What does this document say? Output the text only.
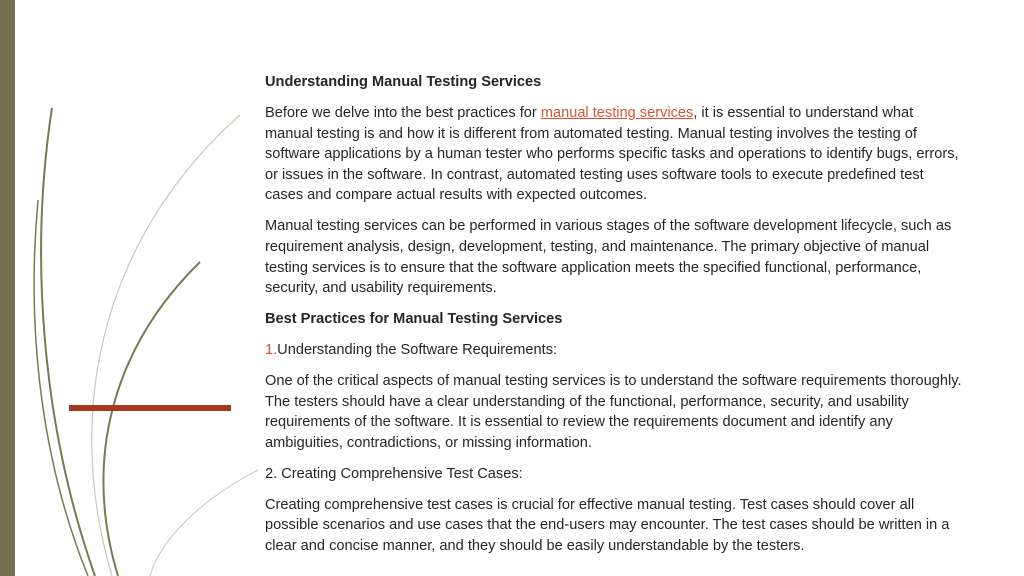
Understanding Manual Testing Services

Before we delve into the best practices for manual testing services, it is essential to understand what manual testing is and how it is different from automated testing. Manual testing involves the testing of software applications by a human tester who performs specific tasks and operations to identify bugs, errors, or issues in the software. In contrast, automated testing uses software tools to execute predefined test cases and compare actual results with expected outcomes.

Manual testing services can be performed in various stages of the software development lifecycle, such as requirement analysis, design, development, testing, and maintenance. The primary objective of manual testing services is to ensure that the software application meets the specified functional, performance, security, and usability requirements.

Best Practices for Manual Testing Services

1.Understanding the Software Requirements:

One of the critical aspects of manual testing services is to understand the software requirements thoroughly. The testers should have a clear understanding of the functional, performance, security, and usability requirements of the software. It is essential to review the requirements document and identify any ambiguities, contradictions, or missing information.

2. Creating Comprehensive Test Cases:

Creating comprehensive test cases is crucial for effective manual testing. Test cases should cover all possible scenarios and use cases that the end-users may encounter. The test cases should be written in a clear and concise manner, and they should be easily understandable by the testers.
